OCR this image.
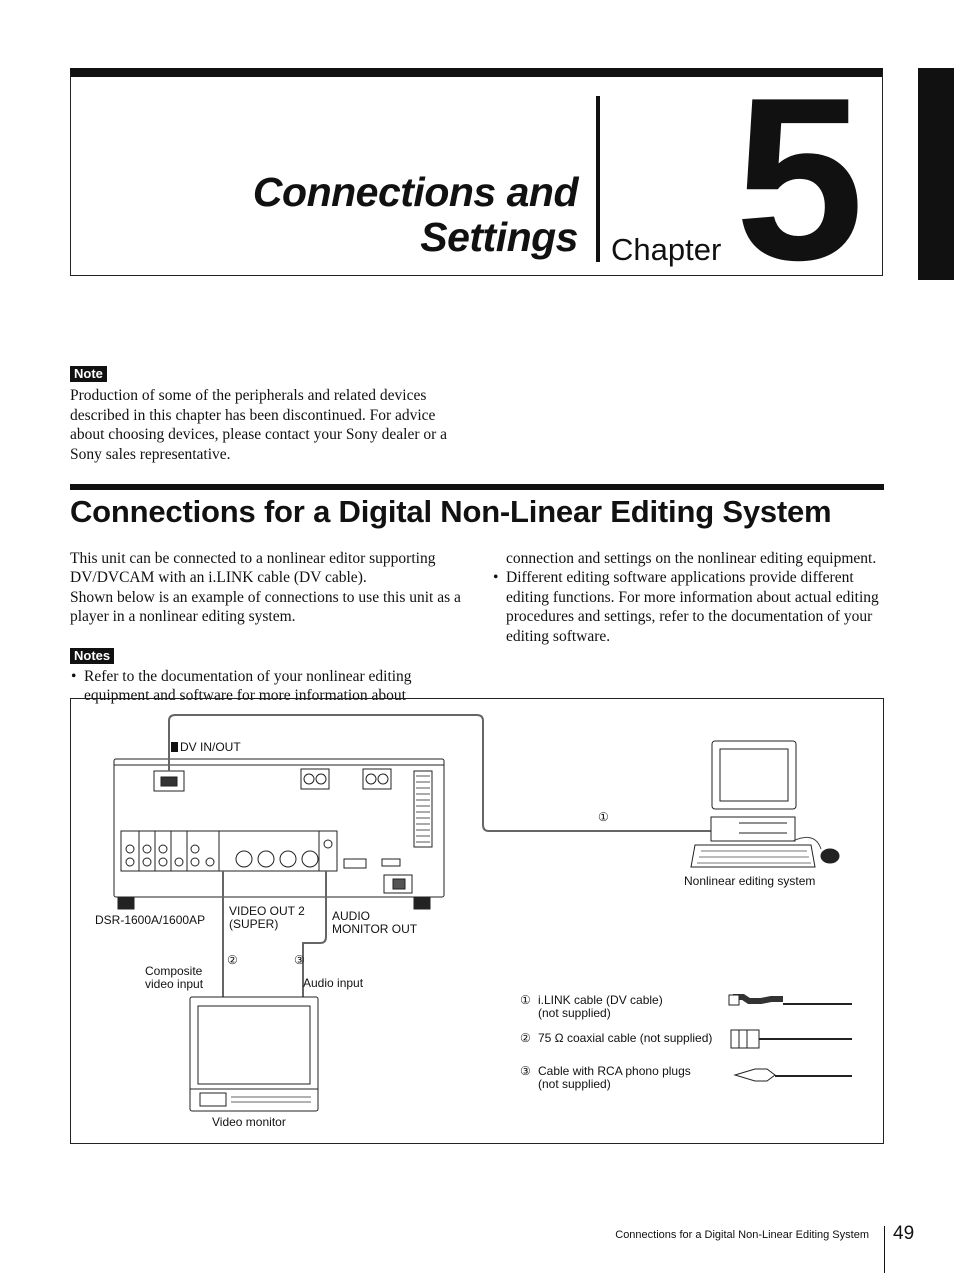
Connections and
Settings Chapter 5
Note

Production of some of the peripherals and related devices described in this chapter has been discontinued. For advice about choosing devices, please contact your Sony dealer or a Sony sales representative.

Connections for a Digital Non-Linear Editing System

This unit can be connected to a nonlinear editor supporting DV/DVCAM with an i.LINK cable (DV cable).

Shown below is an example of connections to use this unit as a player in a nonlinear editing system.

Notes

• Refer to the documentation of your nonlinear editing equipment and software for more information about

connection and settings on the nonlinear editing equipment.

• Different editing software applications provide different editing functions. For more information about actual editing procedures and settings, refer to the documentation of your editing software.

DV IN/OUT
①
Nonlinear editing system
DSR-1600A/1600AP
VIDEO OUT 2
(SUPER)
AUDIO
MONITOR OUT
②	③
Composite
video input	Audio input
Video monitor
① i.LINK cable (DV cable)
(not supplied)
② 75 Ω coaxial cable (not supplied)
③ Cable with RCA phono plugs
(not supplied)
Connections for a Digital Non-Linear Editing System 49
